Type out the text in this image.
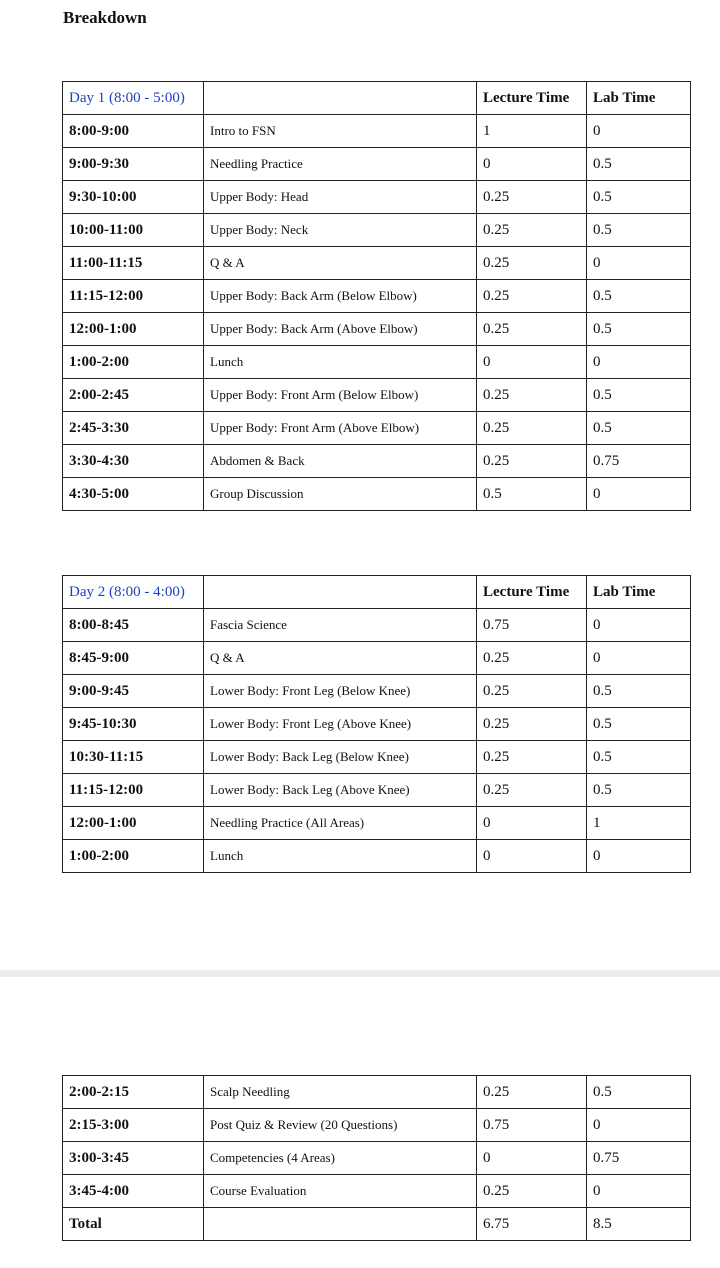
Breakdown
Day 1 (8:00 - 5:00)		Lecture Time	Lab Time
8:00-9:00	Intro to FSN	1	0
9:00-9:30	Needling Practice	0	0.5
9:30-10:00	Upper Body: Head	0.25	0.5
10:00-11:00	Upper Body: Neck	0.25	0.5
11:00-11:15	Q & A	0.25	0
11:15-12:00	Upper Body: Back Arm (Below Elbow)	0.25	0.5
12:00-1:00	Upper Body: Back Arm (Above Elbow)	0.25	0.5
1:00-2:00	Lunch	0	0
2:00-2:45	Upper Body: Front Arm (Below Elbow)	0.25	0.5
2:45-3:30	Upper Body: Front Arm (Above Elbow)	0.25	0.5
3:30-4:30	Abdomen & Back	0.25	0.75
4:30-5:00	Group Discussion	0.5	0
Day 2 (8:00 - 4:00)		Lecture Time	Lab Time
8:00-8:45	Fascia Science	0.75	0
8:45-9:00	Q & A	0.25	0
9:00-9:45	Lower Body: Front Leg (Below Knee)	0.25	0.5
9:45-10:30	Lower Body: Front Leg (Above Knee)	0.25	0.5
10:30-11:15	Lower Body: Back Leg (Below Knee)	0.25	0.5
11:15-12:00	Lower Body: Back Leg (Above Knee)	0.25	0.5
12:00-1:00	Needling Practice (All Areas)	0	1
1:00-2:00	Lunch	0	0
2:00-2:15	Scalp Needling	0.25	0.5
2:15-3:00	Post Quiz & Review (20 Questions)	0.75	0
3:00-3:45	Competencies (4 Areas)	0	0.75
3:45-4:00	Course Evaluation	0.25	0
Total		6.75	8.5
